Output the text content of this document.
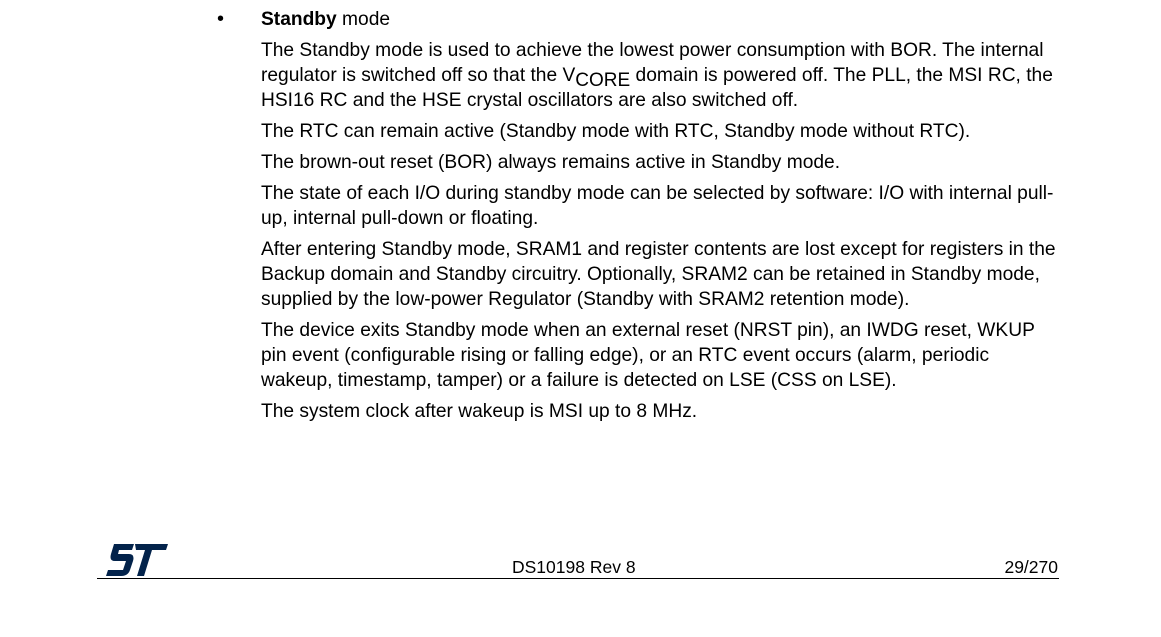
• Standby mode

The Standby mode is used to achieve the lowest power consumption with BOR. The internal regulator is switched off so that the $V_{CORE}$ domain is powered off. The PLL, the MSI RC, the HSI16 RC and the HSE crystal oscillators are also switched off.

The RTC can remain active (Standby mode with RTC, Standby mode without RTC).

The brown-out reset (BOR) always remains active in Standby mode.

The state of each I/O during standby mode can be selected by software: I/O with internal pull-up, internal pull-down or floating.

After entering Standby mode, SRAM1 and register contents are lost except for registers in the Backup domain and Standby circuitry. Optionally, SRAM2 can be retained in Standby mode, supplied by the low-power Regulator (Standby with SRAM2 retention mode).

The device exits Standby mode when an external reset (NRST pin), an IWDG reset, WKUP pin event (configurable rising or falling edge), or an RTC event occurs (alarm, periodic wakeup, timestamp, tamper) or a failure is detected on LSE (CSS on LSE).

The system clock after wakeup is MSI up to 8 MHz.

DS10198 Rev 8	29/270
